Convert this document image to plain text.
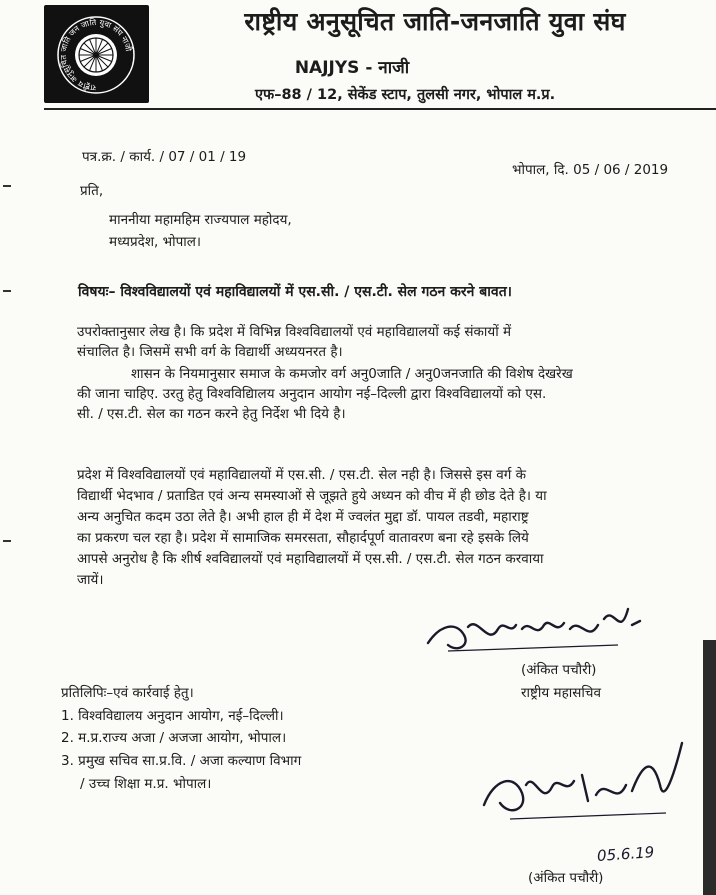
राष्ट्रीय अनुसूचित जाति जन जाति युवा संघ नाजी
राष्ट्रीय अनुसूचित जाति-जनजाति युवा संघ
NAJJYS - नाजी
एफ–88 / 12, सेकेंड स्टाप, तुलसी नगर, भोपाल म.प्र.
पत्र.क्र. / कार्य. / 07 / 01 / 19
भोपाल, दि. 05 / 06 / 2019
प्रति,
माननीया महामहिम राज्यपाल महोदय,
मध्यप्रदेश, भोपाल।
विषयः– विश्वविद्यालयों एवं महाविद्यालयों में एस.सी. / एस.टी. सेल गठन करने बावत।
उपरोक्तानुसार लेख है। कि प्रदेश में विभिन्न विश्वविद्यालयों एवं महाविद्यालयों कई संकायों में
संचालित है। जिसमें सभी वर्ग के विद्यार्थी अध्ययनरत है।
शासन के नियमानुसार समाज के कमजोर वर्ग अनु0जाति / अनु0जनजाति की विशेष देखरेख
की जाना चाहिए. उरतु हेतु विश्वविद्यिालय अनुदान आयोग नई–दिल्ली द्वारा विश्वविद्यालयों को एस.
सी. / एस.टी. सेल का गठन करने हेतु निर्देश भी दिये है।
प्रदेश में विश्वविद्यालयों एवं महाविद्यालयों में एस.सी. / एस.टी. सेल नही है। जिससे इस वर्ग के
विद्यार्थी भेदभाव / प्रताडित एवं अन्य समस्याओं से जूझते हुये अध्यन को वीच में ही छोड देते है। या
अन्य अनुचित कदम उठा लेते है। अभी हाल ही में देश में ज्वलंत मुद्दा डॉ. पायल तडवी, महाराष्ट्र
का प्रकरण चल रहा है। प्रदेश में सामाजिक समरसता, सौहार्दपूर्ण वातावरण बना रहे इसके लिये
आपसे अनुरोध है कि शीर्ष श्वविद्यालयों एवं महाविद्यालयों में एस.सी. / एस.टी. सेल गठन करवाया
जायें।
(अंकित पचौरी)
राष्ट्रीय महासचिव
प्रतिलिपिः–एवं कार्रवाई हेतु।
1. विश्वविद्यालय अनुदान आयोग, नई–दिल्ली।
2. म.प्र.राज्य अजा / अजजा आयोग, भोपाल।
3. प्रमुख सचिव सा.प्र.वि. / अजा कल्याण विभाग
/ उच्च शिक्षा म.प्र. भोपाल।
05.6.19
(अंकित पचौरी)
